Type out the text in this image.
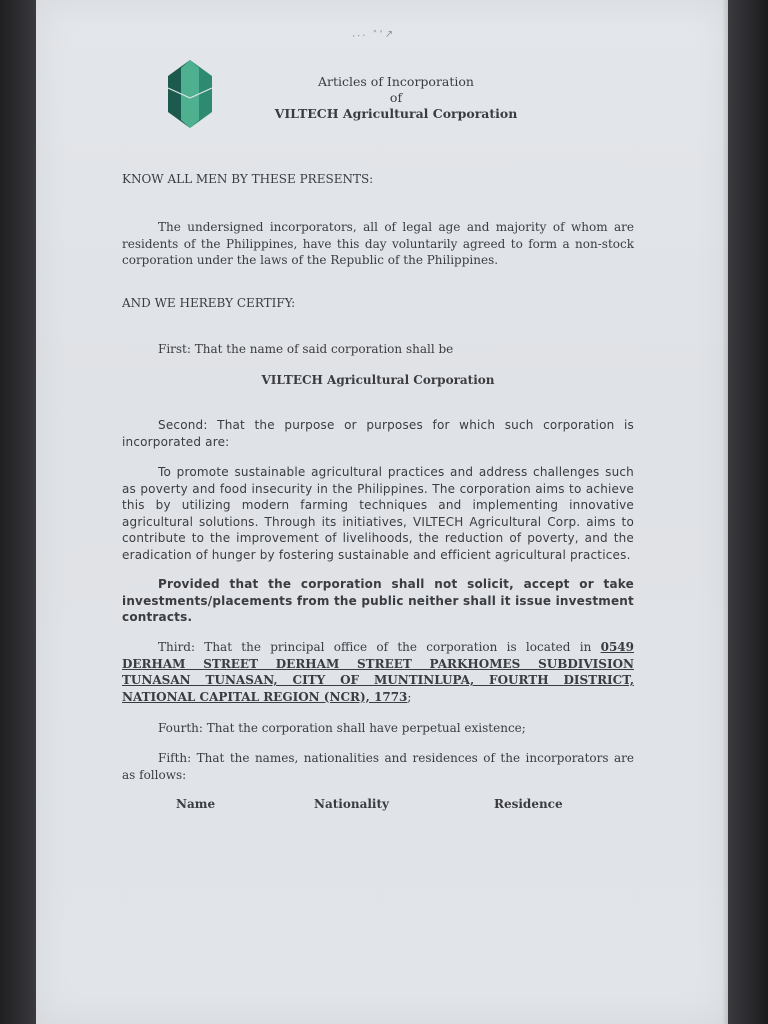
··· ˄’↗
Articles of Incorporation
of
VILTECH Agricultural Corporation
KNOW ALL MEN BY THESE PRESENTS:
The undersigned incorporators, all of legal age and majority of whom are residents of the Philippines, have this day voluntarily agreed to form a non-stock corporation under the laws of the Republic of the Philippines.
AND WE HEREBY CERTIFY:
First: That the name of said corporation shall be
VILTECH Agricultural Corporation
Second: That the purpose or purposes for which such corporation is incorporated are:
To promote sustainable agricultural practices and address challenges such as poverty and food insecurity in the Philippines. The corporation aims to achieve this by utilizing modern farming techniques and implementing innovative agricultural solutions. Through its initiatives, VILTECH Agricultural Corp. aims to contribute to the improvement of livelihoods, the reduction of poverty, and the eradication of hunger by fostering sustainable and efficient agricultural practices.
Provided that the corporation shall not solicit, accept or take investments/placements from the public neither shall it issue investment contracts.
Third: That the principal office of the corporation is located in 0549 DERHAM STREET DERHAM STREET PARKHOMES SUBDIVISION TUNASAN TUNASAN, CITY OF MUNTINLUPA, FOURTH DISTRICT, NATIONAL CAPITAL REGION (NCR), 1773;
Fourth: That the corporation shall have perpetual existence;
Fifth: That the names, nationalities and residences of the incorporators are as follows:
Name	Nationality	Residence
